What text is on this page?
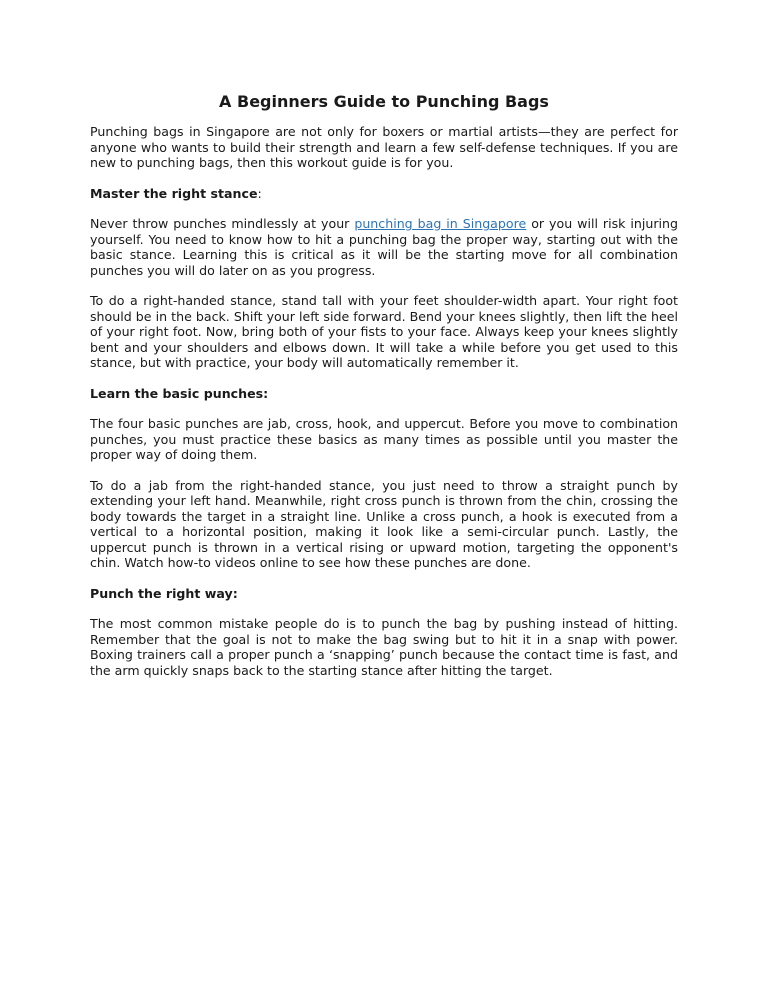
A Beginners Guide to Punching Bags

Punching bags in Singapore are not only for boxers or martial artists—they are perfect for anyone who wants to build their strength and learn a few self-defense techniques. If you are new to punching bags, then this workout guide is for you.

Master the right stance:

Never throw punches mindlessly at your punching bag in Singapore or you will risk injuring yourself. You need to know how to hit a punching bag the proper way, starting out with the basic stance. Learning this is critical as it will be the starting move for all combination punches you will do later on as you progress.

To do a right-handed stance, stand tall with your feet shoulder-width apart. Your right foot should be in the back. Shift your left side forward. Bend your knees slightly, then lift the heel of your right foot. Now, bring both of your fists to your face. Always keep your knees slightly bent and your shoulders and elbows down. It will take a while before you get used to this stance, but with practice, your body will automatically remember it.

Learn the basic punches:

The four basic punches are jab, cross, hook, and uppercut. Before you move to combination punches, you must practice these basics as many times as possible until you master the proper way of doing them.

To do a jab from the right-handed stance, you just need to throw a straight punch by extending your left hand. Meanwhile, right cross punch is thrown from the chin, crossing the body towards the target in a straight line. Unlike a cross punch, a hook is executed from a vertical to a horizontal position, making it look like a semi-circular punch. Lastly, the uppercut punch is thrown in a vertical rising or upward motion, targeting the opponent's chin. Watch how-to videos online to see how these punches are done.

Punch the right way:

The most common mistake people do is to punch the bag by pushing instead of hitting. Remember that the goal is not to make the bag swing but to hit it in a snap with power. Boxing trainers call a proper punch a ‘snapping’ punch because the contact time is fast, and the arm quickly snaps back to the starting stance after hitting the target.
